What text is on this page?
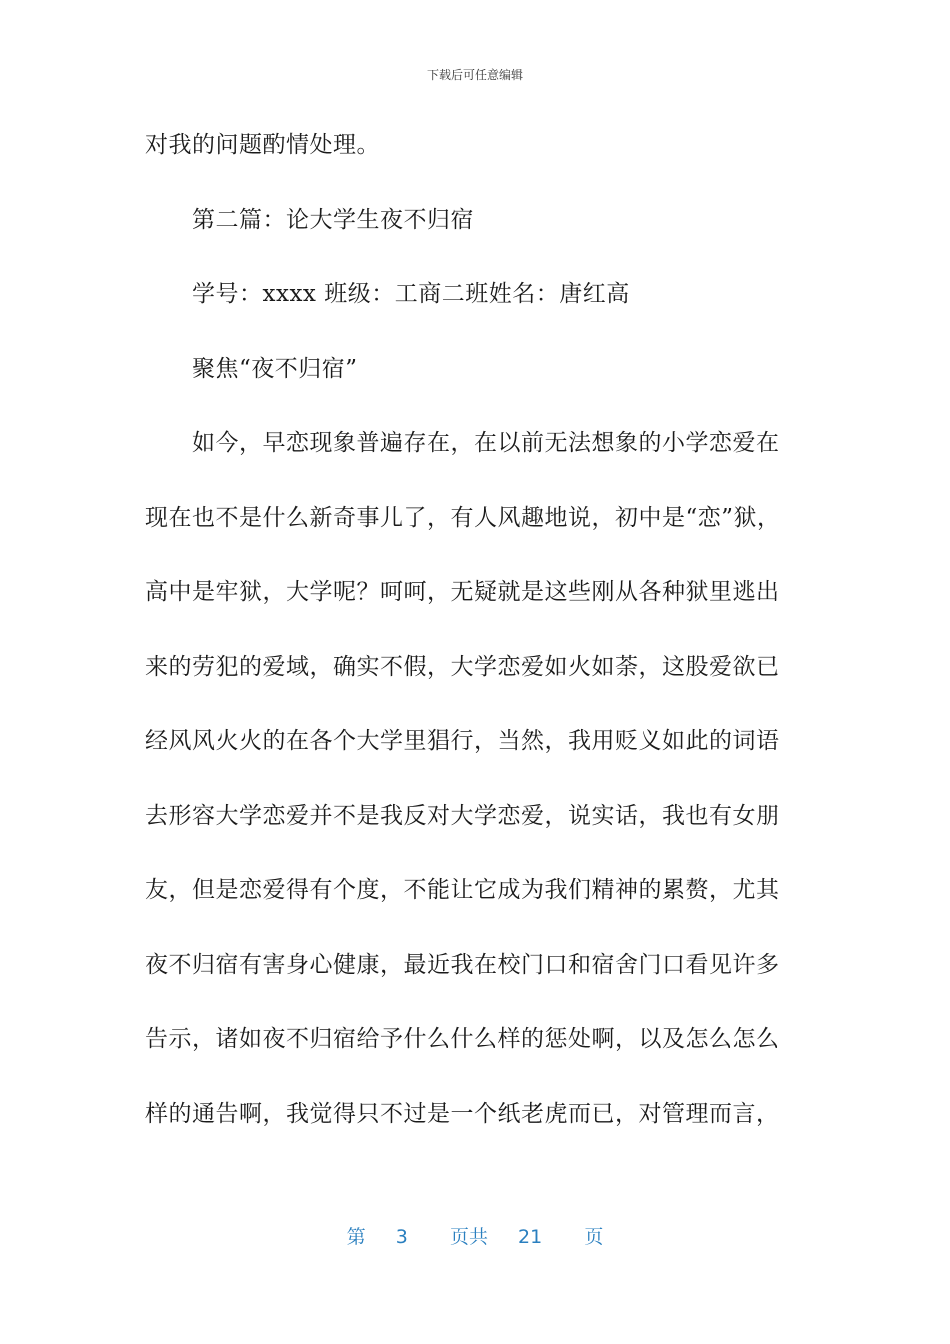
下载后可任意编辑
对我的问题酌情处理。
第二篇：论大学生夜不归宿
学号：xxxx 班级：工商二班姓名：唐红高
聚焦“夜不归宿”
如今，早恋现象普遍存在，在以前无法想象的小学恋爱在
现在也不是什么新奇事儿了，有人风趣地说，初中是“恋”狱，
高中是牢狱，大学呢？呵呵，无疑就是这些刚从各种狱里逃出
来的劳犯的爱域，确实不假，大学恋爱如火如荼，这股爱欲已
经风风火火的在各个大学里猖行，当然，我用贬义如此的词语
去形容大学恋爱并不是我反对大学恋爱，说实话，我也有女朋
友，但是恋爱得有个度，不能让它成为我们精神的累赘，尤其
夜不归宿有害身心健康，最近我在校门口和宿舍门口看见许多
告示，诸如夜不归宿给予什么什么样的惩处啊，以及怎么怎么
样的通告啊，我觉得只不过是一个纸老虎而已，对管理而言，
第 3 页共 21 页
